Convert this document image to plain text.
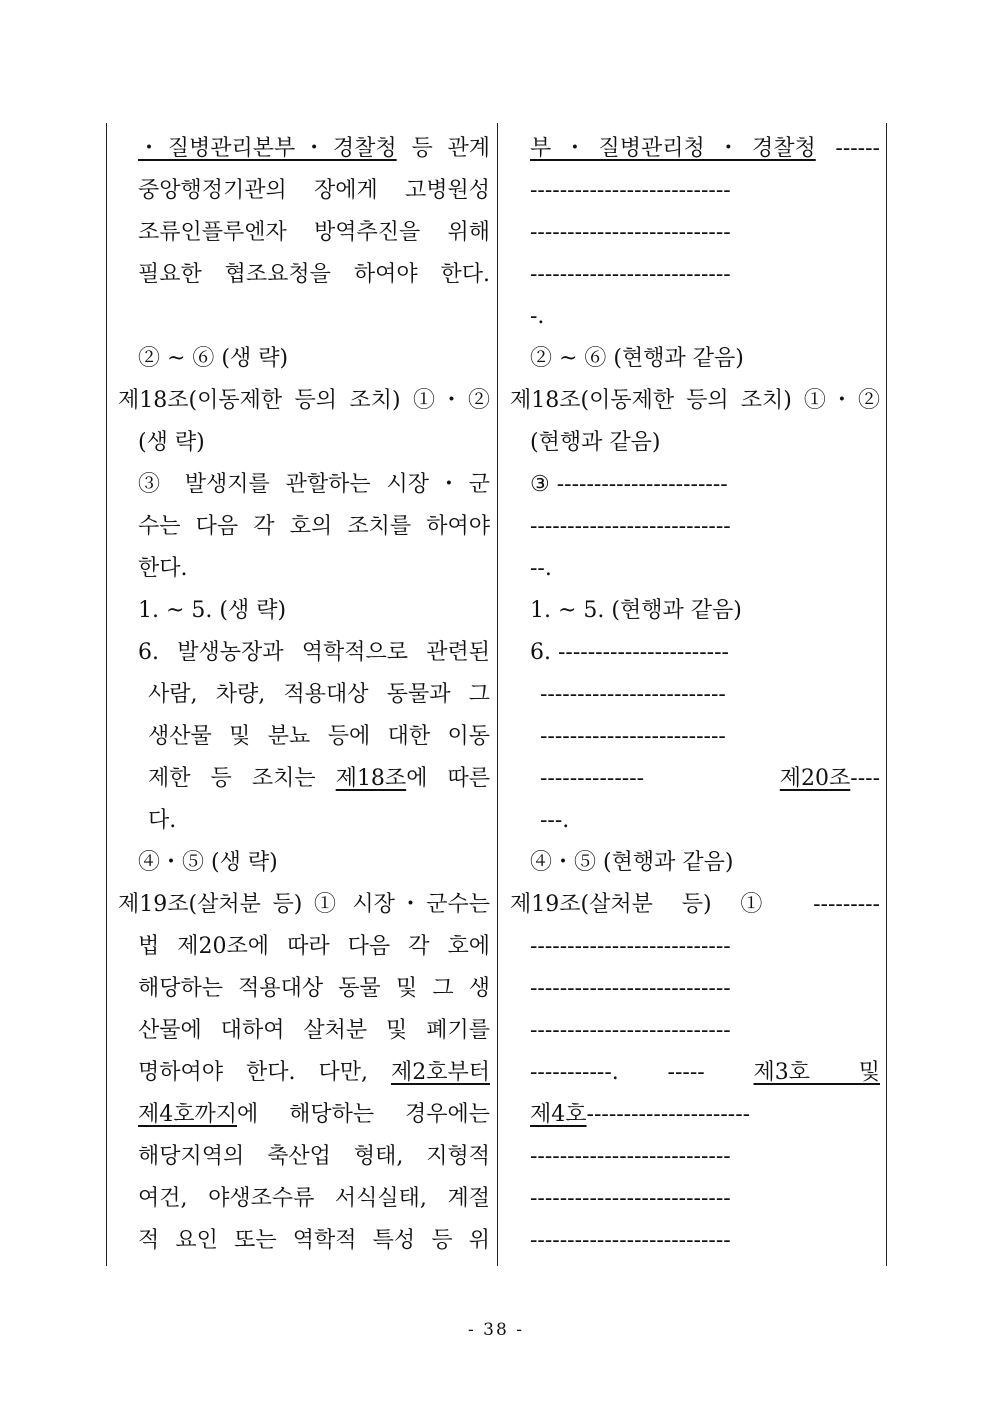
・질병관리본부・경찰청 등 관계
중앙행정기관의 장에게 고병원성
조류인플루엔자 방역추진을 위해
필요한 협조요청을 하여야 한다.
② ~ ⑥ (생 략)
제18조(이동제한 등의 조치) ①・②
(생 략)
③ 발생지를 관할하는 시장・군
수는 다음 각 호의 조치를 하여야
한다.
1. ~ 5. (생 략)
6. 발생농장과 역학적으로 관련된
사람, 차량, 적용대상 동물과 그
생산물 및 분뇨 등에 대한 이동
제한 등 조치는 제18조에 따른
다.
④・⑤ (생 략)
제19조(살처분 등) ① 시장・군수는
법 제20조에 따라 다음 각 호에
해당하는 적용대상 동물 및 그 생
산물에 대하여 살처분 및 폐기를
명하여야 한다. 다만, 제2호부터
제4호까지에 해당하는 경우에는
해당지역의 축산업 형태, 지형적
여건, 야생조수류 서식실태, 계절
적 요인 또는 역학적 특성 등 위
부・질병관리청・경찰청 ------
---------------------------
---------------------------
---------------------------
-.
② ~ ⑥ (현행과 같음)
제18조(이동제한 등의 조치) ①・②
(현행과 같음)
③ -----------------------
---------------------------
--.
1. ~ 5. (현행과 같음)
6. -----------------------
-------------------------
-------------------------
-------------- 제20조----
---.
④・⑤ (현행과 같음)
제19조(살처분 등) ① ---------
---------------------------
---------------------------
---------------------------
-----------. ----- 제3호 및
제4호----------------------
---------------------------
---------------------------
---------------------------
- 38 -
